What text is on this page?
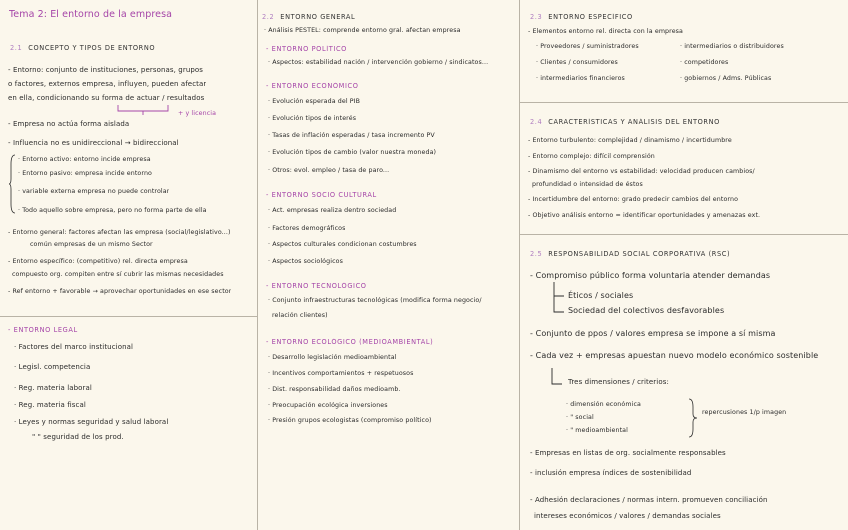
Tema 2: El entorno de la empresa
2.1 CONCEPTO Y TIPOS DE ENTORNO
- Entorno: conjunto de instituciones, personas, grupos
o factores, externos empresa, influyen, pueden afectar
en ella, condicionando su forma de actuar / resultados
+ y licencia
- Empresa no actúa forma aislada
- Influencia no es unidireccional → bidireccional
· Entorno activo: entorno incide empresa
· Entorno pasivo: empresa incide entorno
· variable externa empresa no puede controlar
· Todo aquello sobre empresa, pero no forma parte de ella
- Entorno general: factores afectan las empresa (social/legislativo...)
común empresas de un mismo Sector
- Entorno específico: (competitivo) rel. directa empresa
compuesto org. compiten entre sí cubrir las mismas necesidades
- Ref entorno + favorable → aprovechar oportunidades en ese sector
- ENTORNO LEGAL
· Factores del marco institucional
· Legisl. competencia
· Reg. materia laboral
· Reg. materia fiscal
· Leyes y normas seguridad y salud laboral
" " seguridad de los prod.
2.2 ENTORNO GENERAL
· Análisis PESTEL: comprende entorno gral. afectan empresa
- ENTORNO POLÍTICO
· Aspectos: estabilidad nación / intervención gobierno / sindicatos...
- ENTORNO ECONÓMICO
· Evolución esperada del PIB
· Evolución tipos de interés
· Tasas de inflación esperadas / tasa incremento PV
· Evolución tipos de cambio (valor nuestra moneda)
· Otros: evol. empleo / tasa de paro...
- ENTORNO SOCIO CULTURAL
· Act. empresas realiza dentro sociedad
· Factores demográficos
· Aspectos culturales condicionan costumbres
· Aspectos sociológicos
- ENTORNO TECNOLÓGICO
· Conjunto infraestructuras tecnológicas (modifica forma negocio/
relación clientes)
- ENTORNO ECOLÓGICO (MEDIOAMBIENTAL)
· Desarrollo legislación medioambiental
· Incentivos comportamientos + respetuosos
· Dist. responsabilidad daños medioamb.
· Preocupación ecológica inversiones
· Presión grupos ecologistas (compromiso político)
2.3 ENTORNO ESPECÍFICO
- Elementos entorno rel. directa con la empresa
· Proveedores / suministradores	· intermediarios o distribuidores
· Clientes / consumidores	· competidores
· intermediarios financieros	· gobiernos / Adms. Públicas
2.4 CARACTERÍSTICAS Y ANÁLISIS DEL ENTORNO
- Entorno turbulento: complejidad / dinamismo / incertidumbre
- Entorno complejo: difícil comprensión
- Dinamismo del entorno vs estabilidad: velocidad producen cambios/
profundidad o intensidad de éstos
- Incertidumbre del entorno: grado predecir cambios del entorno
- Objetivo análisis entorno = identificar oportunidades y amenazas ext.
2.5 RESPONSABILIDAD SOCIAL CORPORATIVA (RSC)
- Compromiso público forma voluntaria atender demandas
Éticos / sociales
Sociedad del colectivos desfavorables
- Conjunto de ppos / valores empresa se impone a sí misma
- Cada vez + empresas apuestan nuevo modelo económico sostenible
Tres dimensiones / criterios:
· dimensión económica
· " social
· " medioambiental
repercusiones 1/p imagen
- Empresas en listas de org. socialmente responsables
- inclusión empresa índices de sostenibilidad
- Adhesión declaraciones / normas intern. promueven conciliación
intereses económicos / valores / demandas sociales
